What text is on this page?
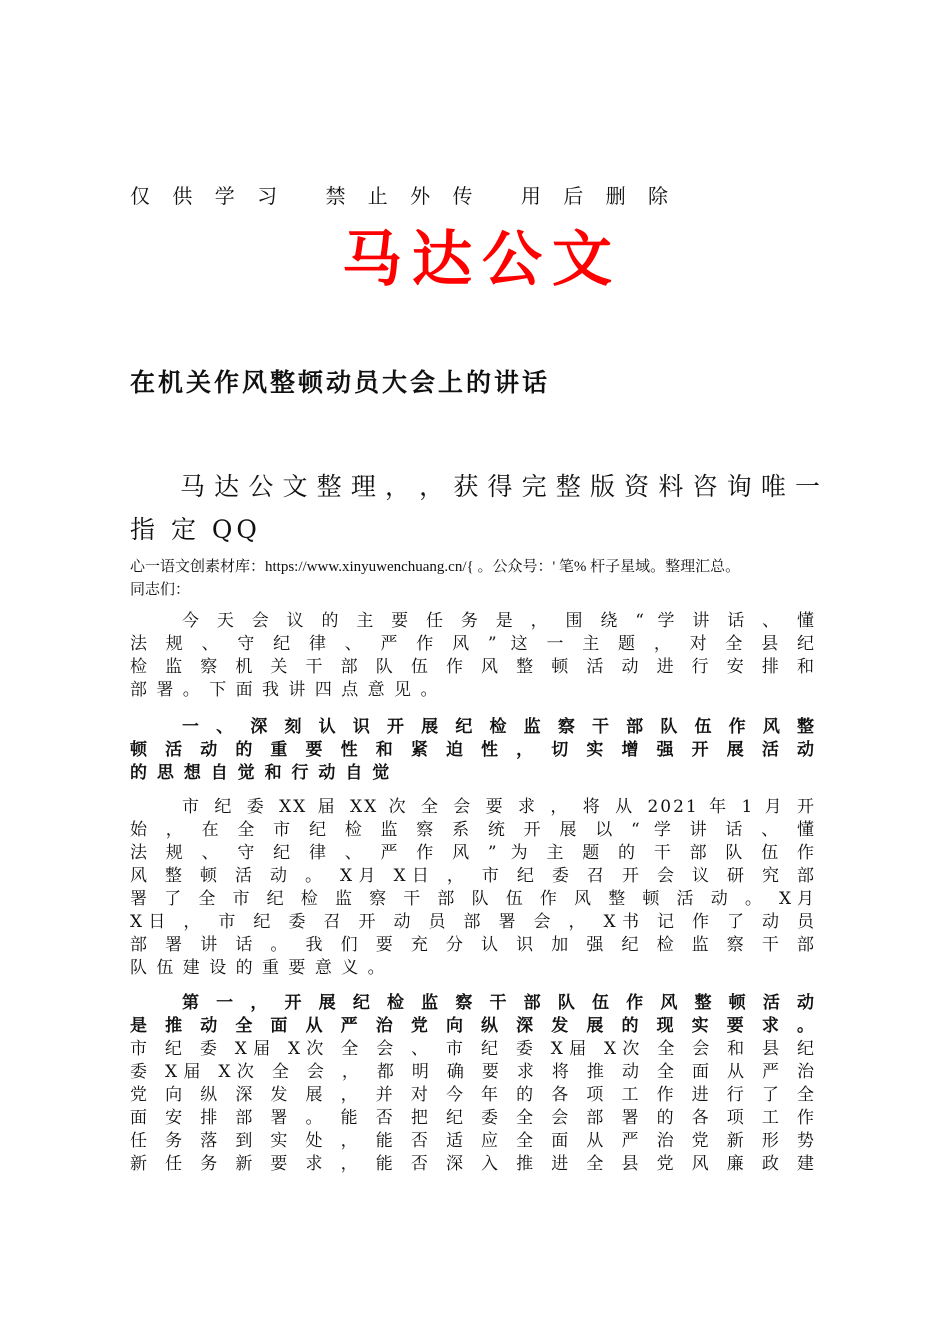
仅 供 学 习 禁 止 外 传 用 后 删 除
马达公文
在机关作风整顿动员大会上的讲话
马 达 公 文 整 理 ， ， 获 得 完 整 版 资 料 咨 询 唯 一
指 定 QQ
心一语文创素材库：https://www.xinyuwenchuang.cn/{ 。公众号：' 笔% 杆子星域。整理汇总。
同志们：
今 天 会 议 的 主 要 任 务 是 ， 围 绕 “ 学 讲 话 、 懂
法 规 、 守 纪 律 、 严 作 风 ” 这 一 主 题 ， 对 全 县 纪
检 监 察 机 关 干 部 队 伍 作 风 整 顿 活 动 进 行 安 排 和
部 署 。 下 面 我 讲 四 点 意 见 。
一 、 深 刻 认 识 开 展 纪 检 监 察 干 部 队 伍 作 风 整
顿 活 动 的 重 要 性 和 紧 迫 性 ， 切 实 增 强 开 展 活 动
的 思 想 自 觉 和 行 动 自 觉
市 纪 委 XX 届 XX 次 全 会 要 求 ， 将 从 2021 年 1 月 开
始 ， 在 全 市 纪 检 监 察 系 统 开 展 以 “ 学 讲 话 、 懂
法 规 、 守 纪 律 、 严 作 风 ” 为 主 题 的 干 部 队 伍 作
风 整 顿 活 动 。 X月 X日 ， 市 纪 委 召 开 会 议 研 究 部
署 了 全 市 纪 检 监 察 干 部 队 伍 作 风 整 顿 活 动 。 X月
X日 ， 市 纪 委 召 开 动 员 部 署 会 ， X书 记 作 了 动 员
部 署 讲 话 。 我 们 要 充 分 认 识 加 强 纪 检 监 察 干 部
队 伍 建 设 的 重 要 意 义 。
第 一 ， 开 展 纪 检 监 察 干 部 队 伍 作 风 整 顿 活 动
是 推 动 全 面 从 严 治 党 向 纵 深 发 展 的 现 实 要 求 。
市 纪 委 X届 X次 全 会 、 市 纪 委 X届 X次 全 会 和 县 纪
委 X届 X次 全 会 ， 都 明 确 要 求 将 推 动 全 面 从 严 治
党 向 纵 深 发 展 ， 并 对 今 年 的 各 项 工 作 进 行 了 全
面 安 排 部 署 。 能 否 把 纪 委 全 会 部 署 的 各 项 工 作
任 务 落 到 实 处 ， 能 否 适 应 全 面 从 严 治 党 新 形 势
新 任 务 新 要 求 ， 能 否 深 入 推 进 全 县 党 风 廉 政 建
